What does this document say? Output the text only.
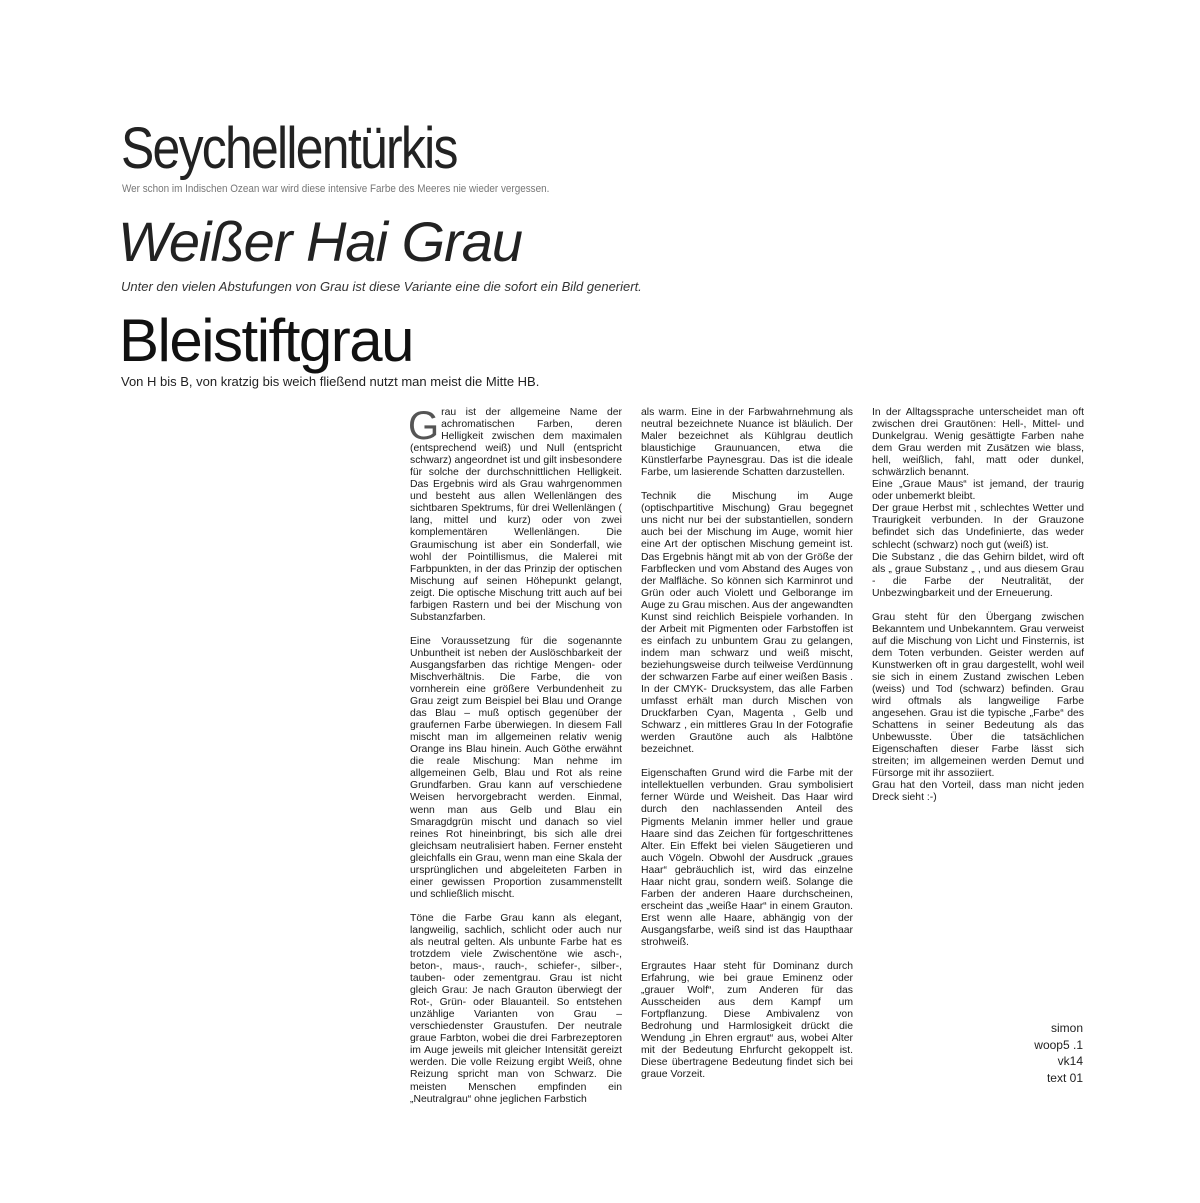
Seychellentürkis
Wer schon im Indischen Ozean war wird diese intensive Farbe des Meeres nie wieder vergessen.
Weißer Hai Grau
Unter den vielen Abstufungen von Grau ist diese Variante eine die sofort ein Bild generiert.
Bleistiftgrau
Von H bis B, von kratzig bis weich fließend nutzt man meist die Mitte HB.

Grau ist der allgemeine Name der achromatischen Farben, deren Helligkeit zwischen dem maximalen (entsprechend weiß) und Null (entspricht schwarz) angeordnet ist und gilt insbesondere für solche der durchschnittlichen Helligkeit. Das Ergebnis wird als Grau wahrgenommen und besteht aus allen Wellenlängen des sichtbaren Spektrums, für drei Wellenlängen ( lang, mittel und kurz) oder von zwei komplementären Wellenlängen. Die Graumischung ist aber ein Sonderfall, wie wohl der Pointillismus, die Malerei mit Farbpunkten, in der das Prinzip der optischen Mischung auf seinen Höhepunkt gelangt, zeigt. Die optische Mischung tritt auch auf bei farbigen Rastern und bei der Mischung von Substanzfarben.

Eine Voraussetzung für die sogenannte Unbuntheit ist neben der Auslöschbarkeit der Ausgangsfarben das richtige Mengen- oder Mischverhältnis. Die Farbe, die von vornherein eine größere Verbundenheit zu Grau zeigt zum Beispiel bei Blau und Orange das Blau – muß optisch gegenüber der graufernen Farbe überwiegen. In diesem Fall mischt man im allgemeinen relativ wenig Orange ins Blau hinein. Auch Göthe erwähnt die reale Mischung: Man nehme im allgemeinen Gelb, Blau und Rot als reine Grundfarben. Grau kann auf verschiedene Weisen hervorgebracht werden. Einmal, wenn man aus Gelb und Blau ein Smaragdgrün mischt und danach so viel reines Rot hineinbringt, bis sich alle drei gleichsam neutralisiert haben. Ferner ensteht gleichfalls ein Grau, wenn man eine Skala der ursprünglichen und abgeleiteten Farben in einer gewissen Proportion zusammenstellt und schließlich mischt.

Töne die Farbe Grau kann als elegant, langweilig, sachlich, schlicht oder auch nur als neutral gelten. Als unbunte Farbe hat es trotzdem viele Zwischentöne wie asch-, beton-, maus-, rauch-, schiefer-, silber-, tauben- oder zementgrau. Grau ist nicht gleich Grau: Je nach Grauton überwiegt der Rot-, Grün- oder Blauanteil. So entstehen unzählige Varianten von Grau – verschiedenster Graustufen. Der neutrale graue Farbton, wobei die drei Farbrezeptoren im Auge jeweils mit gleicher Intensität gereizt werden. Die volle Reizung ergibt Weiß, ohne Reizung spricht man von Schwarz. Die meisten Menschen empfinden ein „Neutralgrau“ ohne jeglichen Farbstich

als warm. Eine in der Farbwahrnehmung als neutral bezeichnete Nuance ist bläulich. Der Maler bezeichnet als Kühlgrau deutlich blaustichige Graunuancen, etwa die Künstlerfarbe Paynesgrau. Das ist die ideale Farbe, um lasierende Schatten darzustellen.

Technik die Mischung im Auge (optischpartitive Mischung) Grau begegnet uns nicht nur bei der substantiellen, sondern auch bei der Mischung im Auge, womit hier eine Art der optischen Mischung gemeint ist. Das Ergebnis hängt mit ab von der Größe der Farbflecken und vom Abstand des Auges von der Malfläche. So können sich Karminrot und Grün oder auch Violett und Gelborange im Auge zu Grau mischen. Aus der angewandten Kunst sind reichlich Beispiele vorhanden. In der Arbeit mit Pigmenten oder Farbstoffen ist es einfach zu unbuntem Grau zu gelangen, indem man schwarz und weiß mischt, beziehungsweise durch teilweise Verdünnung der schwarzen Farbe auf einer weißen Basis . In der CMYK- Drucksystem, das alle Farben umfasst erhält man durch Mischen von Druckfarben Cyan, Magenta , Gelb und Schwarz , ein mittleres Grau In der Fotografie werden Grautöne auch als Halbtöne bezeichnet.

Eigenschaften Grund wird die Farbe mit der intellektuellen verbunden. Grau symbolisiert ferner Würde und Weisheit. Das Haar wird durch den nachlassenden Anteil des Pigments Melanin immer heller und graue Haare sind das Zeichen für fortgeschrittenes Alter. Ein Effekt bei vielen Säugetieren und auch Vögeln. Obwohl der Ausdruck „graues Haar“ gebräuchlich ist, wird das einzelne Haar nicht grau, sondern weiß. Solange die Farben der anderen Haare durchscheinen, erscheint das „weiße Haar“ in einem Grauton. Erst wenn alle Haare, abhängig von der Ausgangsfarbe, weiß sind ist das Haupthaar strohweiß.

Ergrautes Haar steht für Dominanz durch Erfahrung, wie bei graue Eminenz oder „grauer Wolf“, zum Anderen für das Ausscheiden aus dem Kampf um Fortpflanzung. Diese Ambivalenz von Bedrohung und Harmlosigkeit drückt die Wendung „in Ehren ergraut“ aus, wobei Alter mit der Bedeutung Ehrfurcht gekoppelt ist. Diese übertragene Bedeutung findet sich bei graue Vorzeit.

In der Alltagssprache unterscheidet man oft zwischen drei Grautönen: Hell-, Mittel- und Dunkelgrau. Wenig gesättigte Farben nahe dem Grau werden mit Zusätzen wie blass, hell, weißlich, fahl, matt oder dunkel, schwärzlich benannt.
Eine „Graue Maus“ ist jemand, der traurig oder unbemerkt bleibt.
Der graue Herbst mit , schlechtes Wetter und Traurigkeit verbunden. In der Grauzone befindet sich das Undefinierte, das weder schlecht (schwarz) noch gut (weiß) ist.
Die Substanz , die das Gehirn bildet, wird oft als „ graue Substanz „ , und aus diesem Grau - die Farbe der Neutralität, der Unbezwingbarkeit und der Erneuerung.

Grau steht für den Übergang zwischen Bekanntem und Unbekanntem. Grau verweist auf die Mischung von Licht und Finsternis, ist dem Toten verbunden. Geister werden auf Kunstwerken oft in grau dargestellt, wohl weil sie sich in einem Zustand zwischen Leben (weiss) und Tod (schwarz) befinden. Grau wird oftmals als langweilige Farbe angesehen. Grau ist die typische „Farbe“ des Schattens in seiner Bedeutung als das Unbewusste. Über die tatsächlichen Eigenschaften dieser Farbe lässt sich streiten; im allgemeinen werden Demut und Fürsorge mit ihr assoziiert.
Grau hat den Vorteil, dass man nicht jeden Dreck sieht :-)

simon
woop5 .1
vk14
text 01
